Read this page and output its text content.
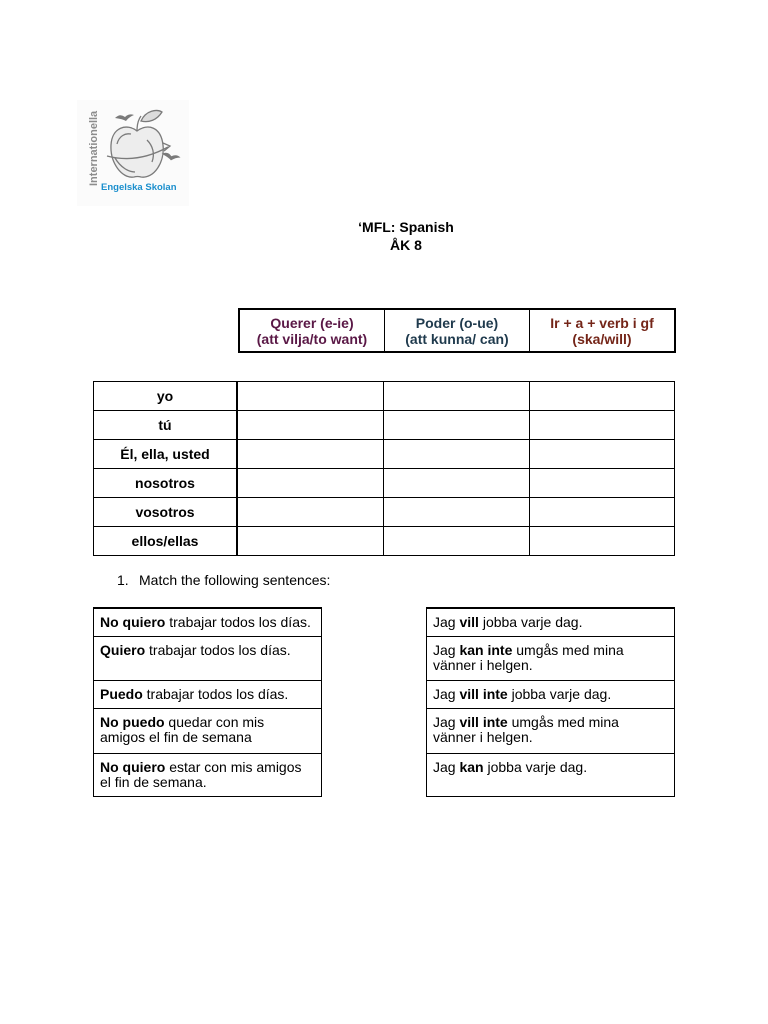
Internationella
Engelska Skolan
‘MFL: Spanish
ÅK 8
Querer (e-ie)
(att vilja/to want)
Poder (o-ue)
(att kunna/ can)
Ir + a + verb i gf
(ska/will)
yo
tú
Él, ella, usted
nosotros
vosotros
ellos/ellas
1. Match the following sentences:
No quiero trabajar todos los días.
Quiero trabajar todos los días.
Puedo trabajar todos los días.
No puedo quedar con mis
amigos el fin de semana
No quiero estar con mis amigos
el fin de semana.
Jag vill jobba varje dag.
Jag kan inte umgås med mina
vänner i helgen.
Jag vill inte jobba varje dag.
Jag vill inte umgås med mina
vänner i helgen.
Jag kan jobba varje dag.
